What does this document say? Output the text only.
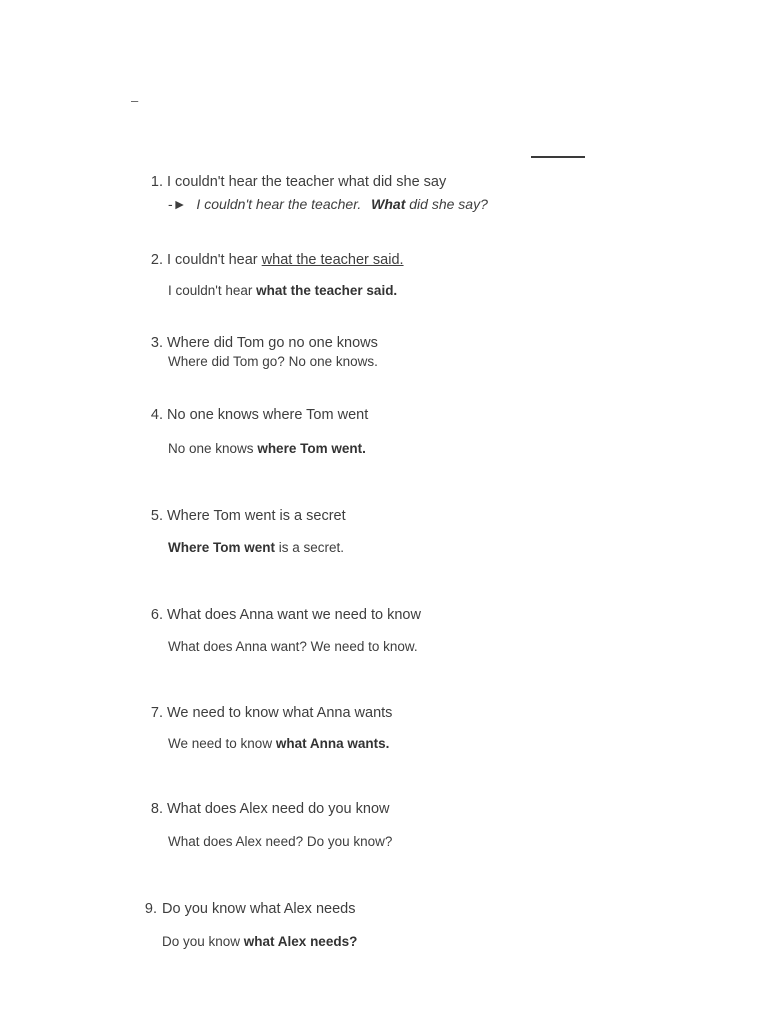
–
1. I couldn't hear the teacher what did she say
-► I couldn't hear the teacher. What did she say?
2. I couldn't hear what the teacher said.
I couldn't hear what the teacher said.
3. Where did Tom go no one knows
Where did Tom go? No one knows.
4. No one knows where Tom went
No one knows where Tom went.
5. Where Tom went is a secret
Where Tom went is a secret.
6. What does Anna want we need to know
What does Anna want? We need to know.
7. We need to know what Anna wants
We need to know what Anna wants.
8. What does Alex need do you know
What does Alex need? Do you know?
9. Do you know what Alex needs
Do you know what Alex needs?
